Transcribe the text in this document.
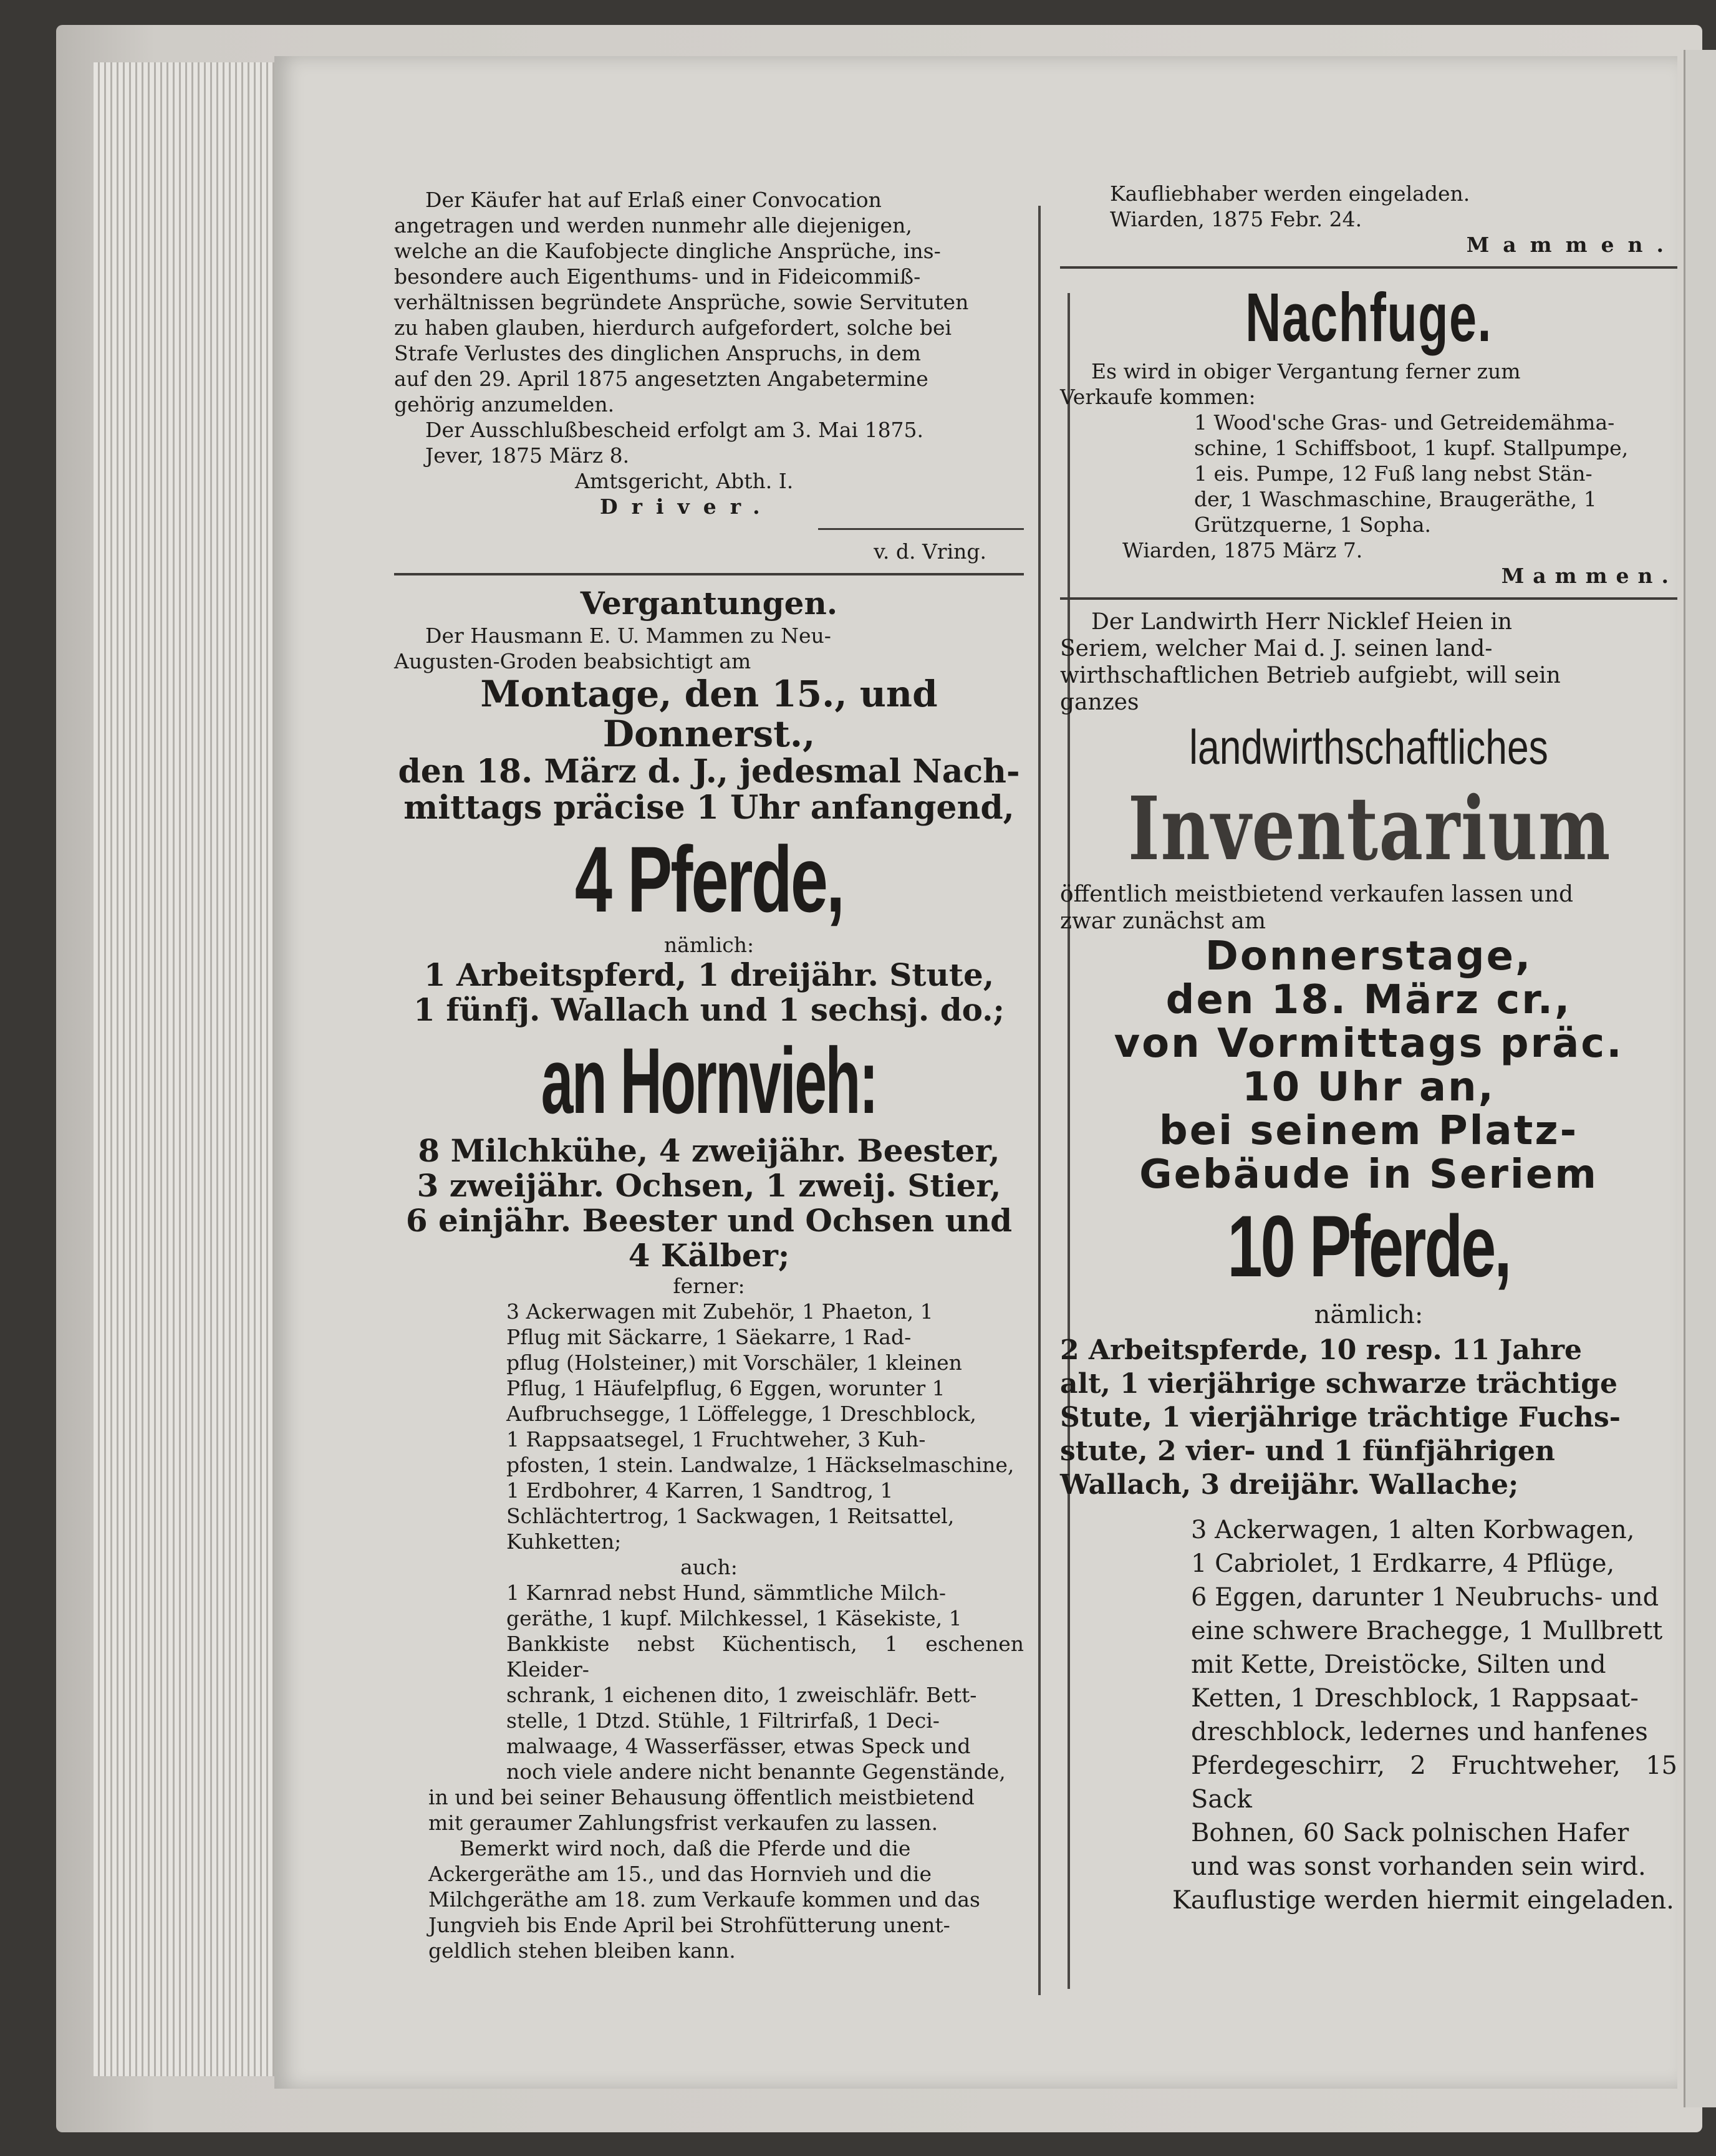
Der Käufer hat auf Erlaß einer Convocation

angetragen und werden nunmehr alle diejenigen,

welche an die Kaufobjecte dingliche Ansprüche, ins-

besondere auch Eigenthums- und in Fideicommiß-

verhältnissen begründete Ansprüche, sowie Servituten

zu haben glauben, hierdurch aufgefordert, solche bei

Strafe Verlustes des dinglichen Anspruchs, in dem

auf den 29. April 1875 angesetzten Angabetermine

gehörig anzumelden.

Der Ausschlußbescheid erfolgt am 3. Mai 1875.

Jever, 1875 März 8.

Amtsgericht, Abth. I.

Driver.

v. d. Vring.

Vergantungen.

Der Hausmann E. U. Mammen zu Neu-

Augusten-Groden beabsichtigt am

Montage, den 15., und Donnerst.,
den 18. März d. J., jedesmal Nach-
mittags präcise 1 Uhr anfangend,
4 Pferde,

nämlich:

1 Arbeitspferd, 1 dreijähr. Stute,
1 fünfj. Wallach und 1 sechsj. do.;
an Hornvieh:
8 Milchkühe, 4 zweijähr. Beester,
3 zweijähr. Ochsen, 1 zweij. Stier,
6 einjähr. Beester und Ochsen und
4 Kälber;

ferner:

3 Ackerwagen mit Zubehör, 1 Phaeton, 1

Pflug mit Säckarre, 1 Säekarre, 1 Rad-

pflug (Holsteiner,) mit Vorschäler, 1 kleinen

Pflug, 1 Häufelpflug, 6 Eggen, worunter 1

Aufbruchsegge, 1 Löffelegge, 1 Dreschblock,

1 Rappsaatsegel, 1 Fruchtweher, 3 Kuh-

pfosten, 1 stein. Landwalze, 1 Häckselmaschine,

1 Erdbohrer, 4 Karren, 1 Sandtrog, 1

Schlächtertrog, 1 Sackwagen, 1 Reitsattel,

Kuhketten;

auch:

1 Karnrad nebst Hund, sämmtliche Milch-

geräthe, 1 kupf. Milchkessel, 1 Käsekiste, 1

Bankkiste nebst Küchentisch, 1 eschenen Kleider-

schrank, 1 eichenen dito, 1 zweischläfr. Bett-

stelle, 1 Dtzd. Stühle, 1 Filtrirfaß, 1 Deci-

malwaage, 4 Wasserfässer, etwas Speck und

noch viele andere nicht benannte Gegenstände,

in und bei seiner Behausung öffentlich meistbietend

mit geraumer Zahlungsfrist verkaufen zu lassen.

Bemerkt wird noch, daß die Pferde und die

Ackergeräthe am 15., und das Hornvieh und die

Milchgeräthe am 18. zum Verkaufe kommen und das

Jungvieh bis Ende April bei Strohfütterung unent-

geldlich stehen bleiben kann.

Kaufliebhaber werden eingeladen.

Wiarden, 1875 Febr. 24.

Mammen.

Nachfuge.

Es wird in obiger Vergantung ferner zum

Verkaufe kommen:

1 Wood'sche Gras- und Getreidemähma-

schine, 1 Schiffsboot, 1 kupf. Stallpumpe,

1 eis. Pumpe, 12 Fuß lang nebst Stän-

der, 1 Waschmaschine, Braugeräthe, 1

Grützquerne, 1 Sopha.

Wiarden, 1875 März 7.

Mammen.

Der Landwirth Herr Nicklef Heien in

Seriem, welcher Mai d. J. seinen land-

wirthschaftlichen Betrieb aufgiebt, will sein

ganzes

landwirthschaftliches
Inventarium

öffentlich meistbietend verkaufen lassen und

zwar zunächst am

Donnerstage,
den 18. März cr.,
von Vormittags präc.
10 Uhr an,
bei seinem Platz-
Gebäude in Seriem
10 Pferde,

nämlich:

2 Arbeitspferde, 10 resp. 11 Jahre
alt, 1 vierjährige schwarze trächtige
Stute, 1 vierjährige trächtige Fuchs-
stute, 2 vier- und 1 fünfjährigen
Wallach, 3 dreijähr. Wallache;

3 Ackerwagen, 1 alten Korbwagen,

1 Cabriolet, 1 Erdkarre, 4 Pflüge,

6 Eggen, darunter 1 Neubruchs- und

eine schwere Brachegge, 1 Mullbrett

mit Kette, Dreistöcke, Silten und

Ketten, 1 Dreschblock, 1 Rappsaat-

dreschblock, ledernes und hanfenes

Pferdegeschirr, 2 Fruchtweher, 15 Sack

Bohnen, 60 Sack polnischen Hafer

und was sonst vorhanden sein wird.

Kauflustige werden hiermit eingeladen.
